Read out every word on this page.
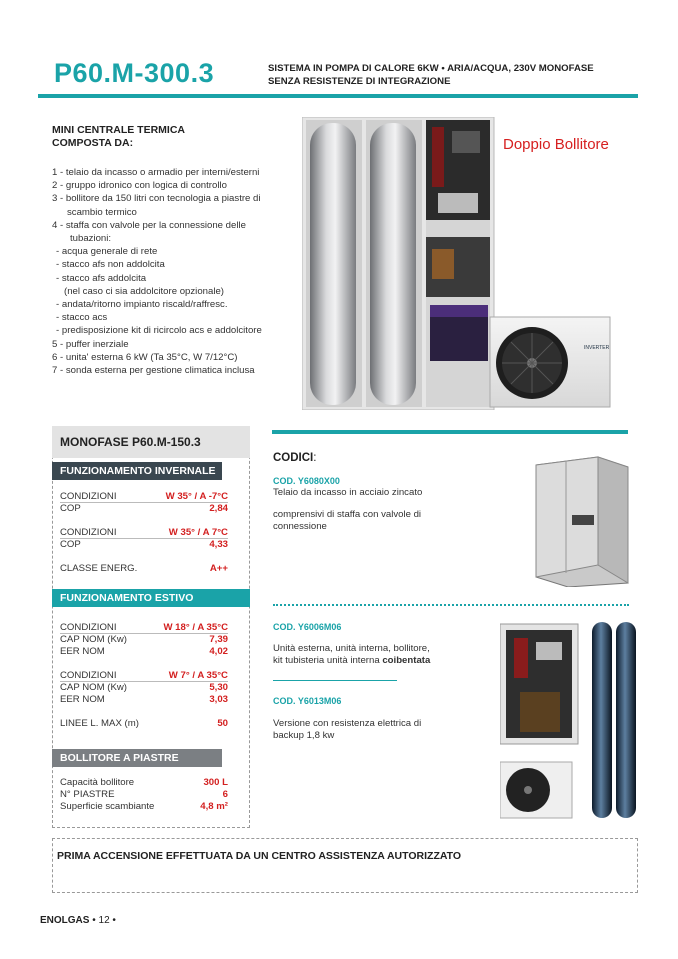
P60.M-300.3	SISTEMA IN POMPA DI CALORE 6KW • ARIA/ACQUA, 230V MONOFASE
SENZA RESISTENZE DI INTEGRAZIONE
MINI CENTRALE TERMICA
COMPOSTA DA:
1 - telaio da incasso o armadio per interni/esterni
2 - gruppo idronico con logica di controllo
3 - bollitore da 150 litri con tecnologia a piastre di
scambio termico
4 - staffa con valvole per la connessione delle
tubazioni:
- acqua generale di rete
- stacco afs non addolcita
- stacco afs addolcita
(nel caso ci sia addolcitore opzionale)
- andata/ritorno impianto riscald/raffresc.
- stacco acs
- predisposizione kit di ricircolo acs e addolcitore
5 - puffer inerziale
6 - unita' esterna 6 kW (Ta 35°C, W 7/12°C)
7 - sonda esterna per gestione climatica inclusa
INVERTER
Doppio Bollitore
MONOFASE P60.M-150.3
FUNZIONAMENTO INVERNALE
CONDIZIONI	W 35° / A -7°C
COP	2,84
CONDIZIONI	W 35° / A 7°C
COP	4,33
CLASSE ENERG.	A++
FUNZIONAMENTO ESTIVO
CONDIZIONI	W 18° / A 35°C
CAP NOM (Kw)	7,39
EER NOM	4,02
CONDIZIONI	W 7° / A 35°C
CAP NOM (Kw)	5,30
EER NOM	3,03
LINEE L. MAX (m)	50
BOLLITORE A PIASTRE
Capacità bollitore	300 L
N° PIASTRE	6
Superficie scambiante	4,8 m²
CODICI:
COD. Y6080X00
Telaio da incasso in acciaio zincato
comprensivi di staffa con valvole di
connessione
COD. Y6006M06
Unità esterna, unità interna, bollitore,
kit tubisteria unità interna coibentata
COD. Y6013M06
Versione con resistenza elettrica di
backup 1,8 kw
PRIMA ACCENSIONE EFFETTUATA DA UN CENTRO ASSISTENZA AUTORIZZATO
ENOLGAS • 12 •
